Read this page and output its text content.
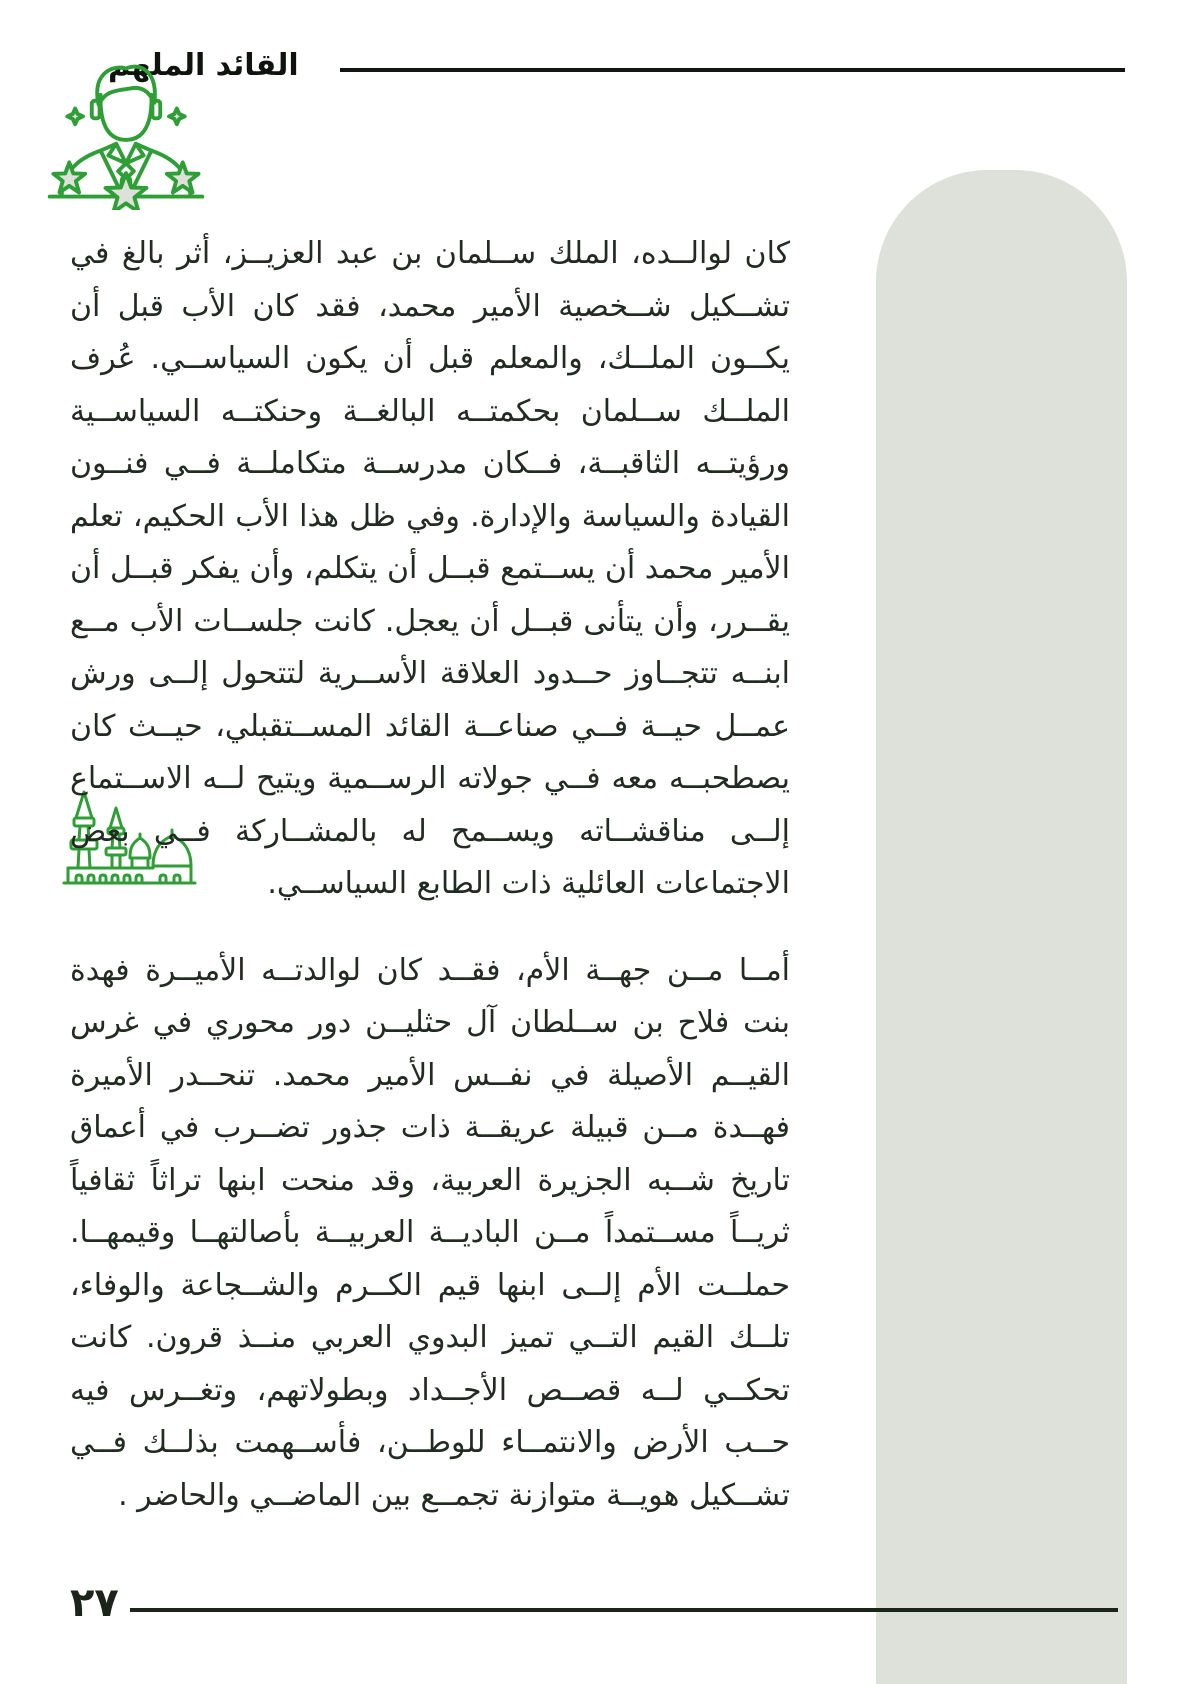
القائد الملهم

كان لوالــده، الملك ســلمان بن عبد العزيــز، أثر بالغ في تشــكيل شــخصية الأمير محمد، فقد كان الأب قبل أن يكــون الملــك، والمعلم قبل أن يكون السياســي. عُرف الملــك ســلمان بحكمتــه البالغــة وحنكتــه السياســية ورؤيتــه الثاقبــة، فــكان مدرســة متكاملــة فــي فنــون القيادة والسياسة والإدارة. وفي ظل هذا الأب الحكيم، تعلم الأمير محمد أن يســتمع قبــل أن يتكلم، وأن يفكر قبــل أن يقــرر، وأن يتأنى قبــل أن يعجل. كانت جلســات الأب مــع ابنــه تتجــاوز حــدود العلاقة الأســرية لتتحول إلــى ورش عمــل حيــة فــي صناعــة القائد المســتقبلي، حيــث كان يصطحبــه معه فــي جولاته الرســمية ويتيح لــه الاســتماع إلــى مناقشــاته ويســمح له بالمشــاركة فــي بعض الاجتماعات العائلية ذات الطابع السياســي.

أمــا مــن جهــة الأم، فقــد كان لوالدتــه الأميــرة فهدة بنت فلاح بن ســلطان آل حثليــن دور محوري في غرس القيــم الأصيلة في نفــس الأمير محمد. تنحــدر الأميرة فهــدة مــن قبيلة عريقــة ذات جذور تضــرب في أعماق تاريخ شــبه الجزيرة العربية، وقد منحت ابنها تراثاً ثقافياً ثريــاً مســتمداً مــن الباديــة العربيــة بأصالتهــا وقيمهــا. حملــت الأم إلــى ابنها قيم الكــرم والشــجاعة والوفاء، تلــك القيم التــي تميز البدوي العربي منــذ قرون. كانت تحكــي لــه قصــص الأجــداد وبطولاتهم، وتغــرس فيه حــب الأرض والانتمــاء للوطــن، فأســهمت بذلــك فــي تشــكيل هويــة متوازنة تجمــع بين الماضــي والحاضر .

٢٧
